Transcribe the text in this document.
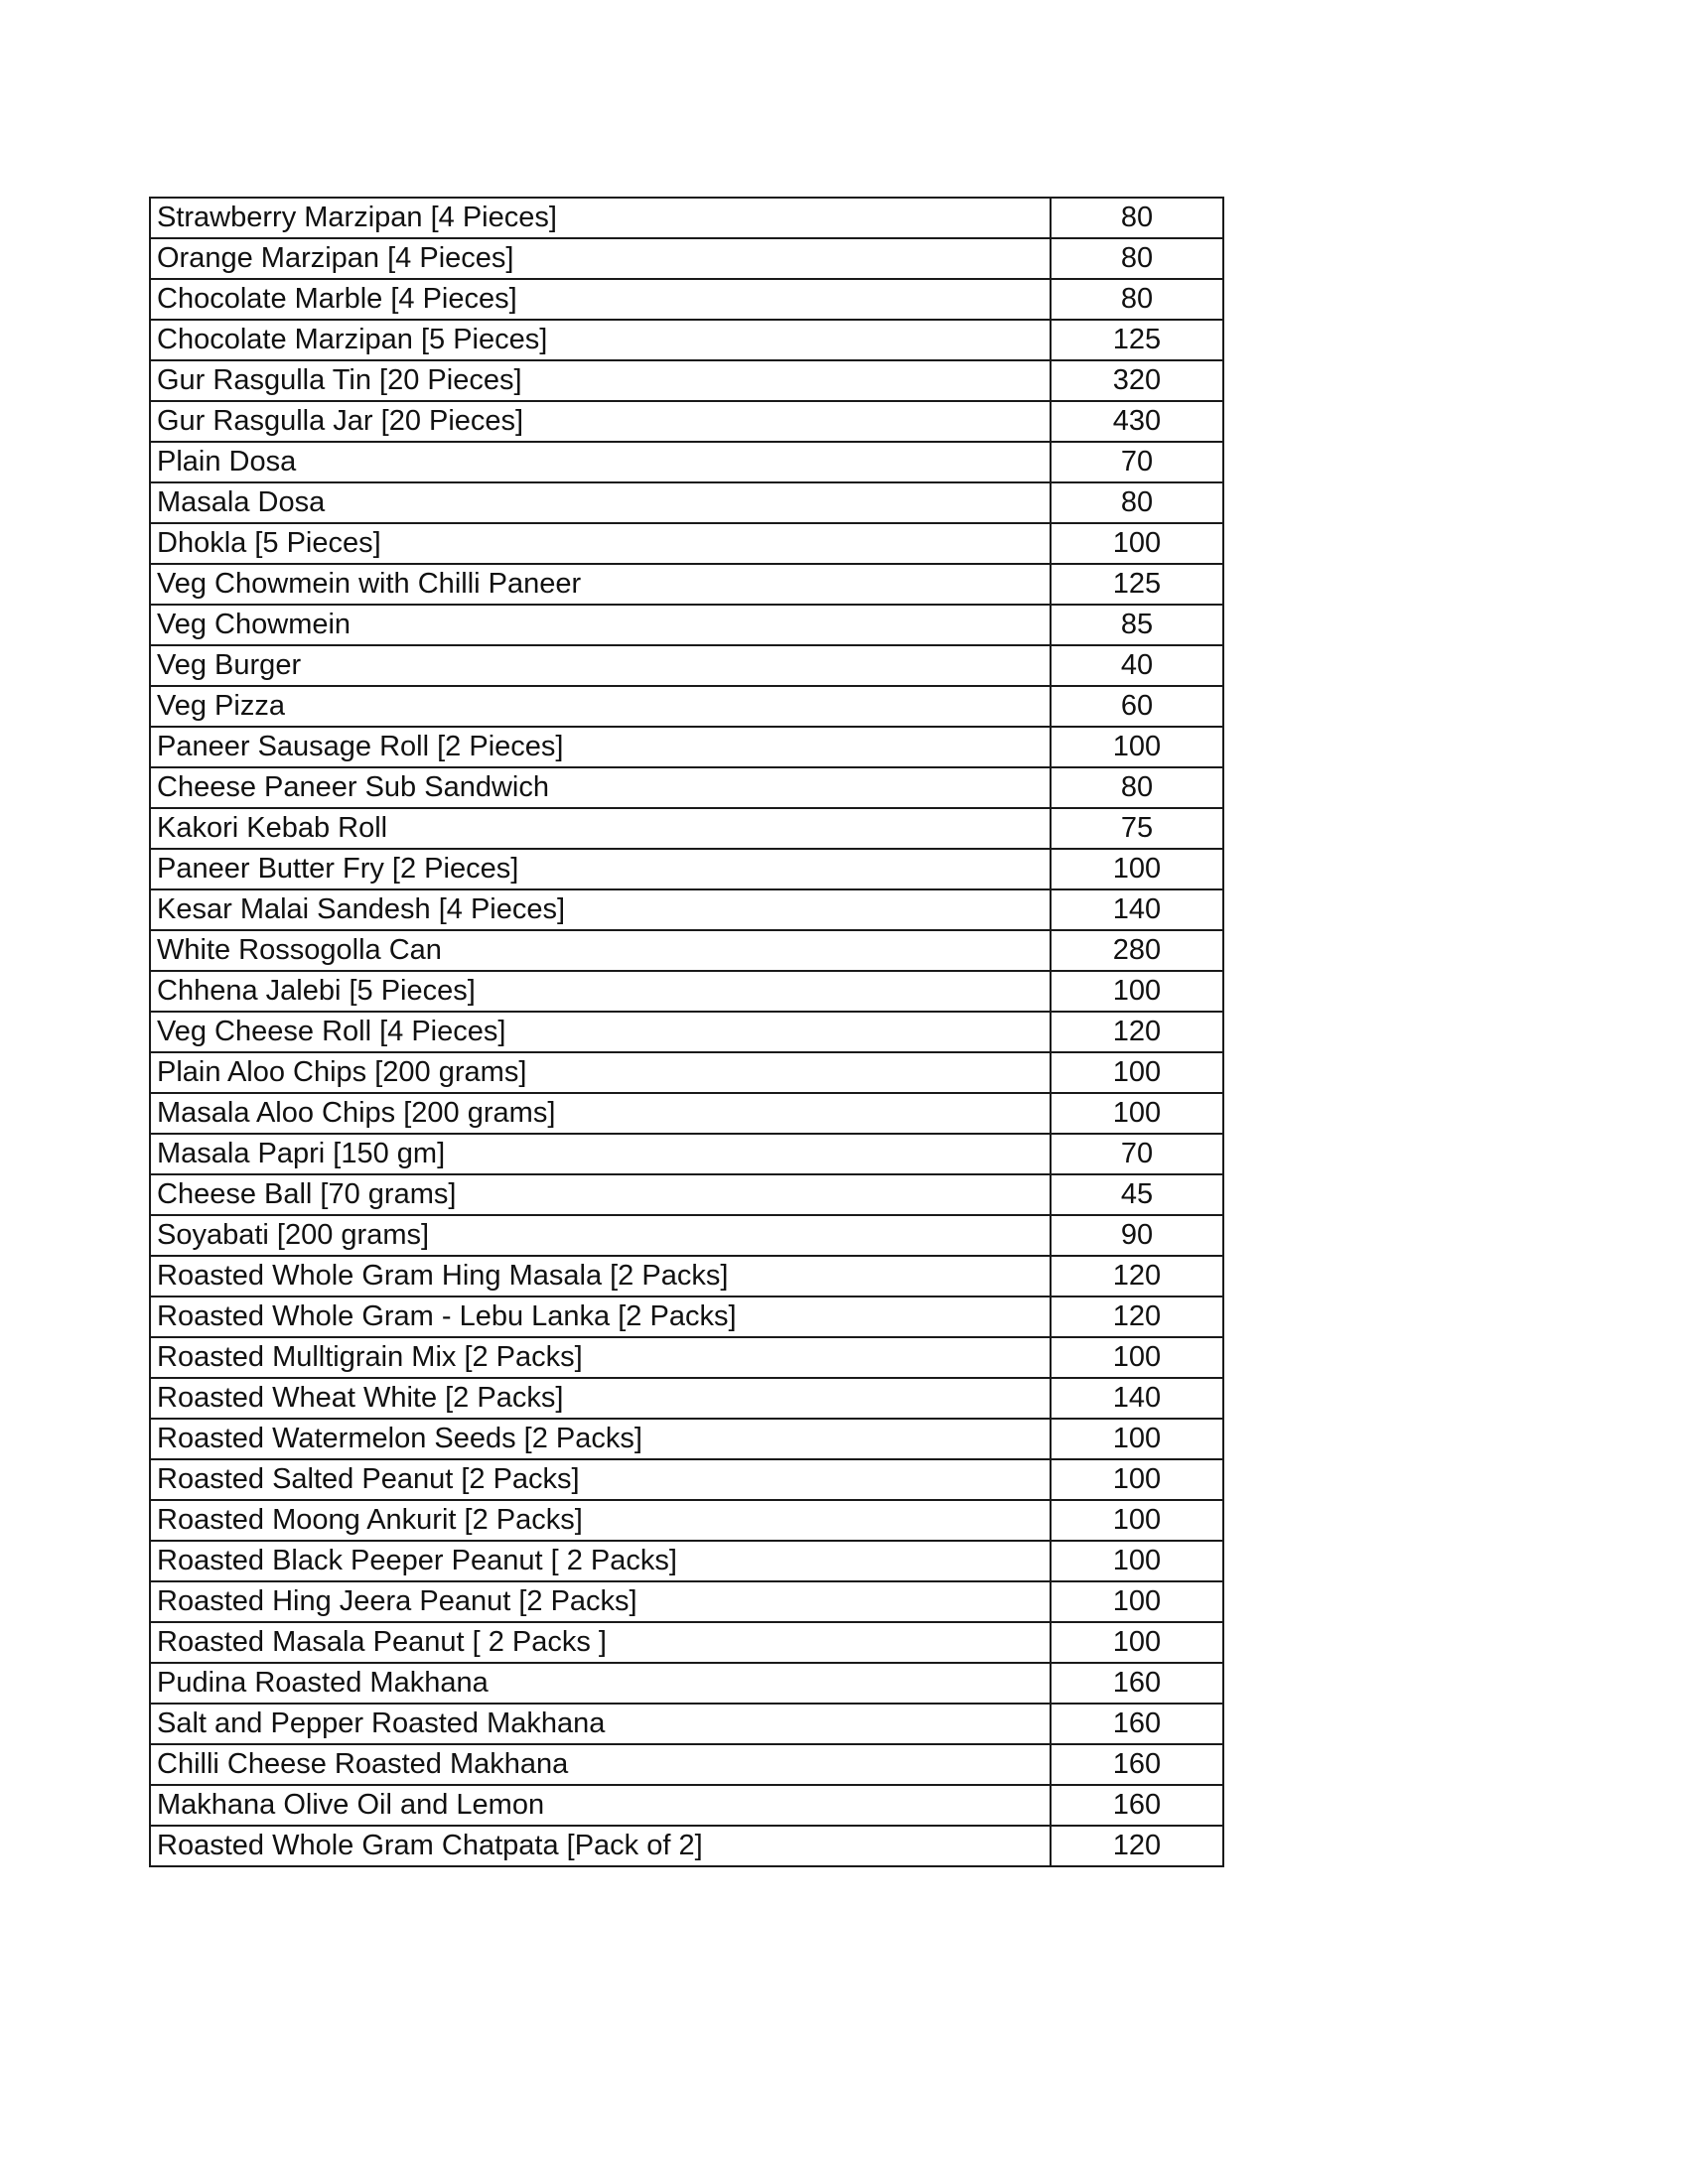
Strawberry Marzipan [4 Pieces]	80
Orange Marzipan [4 Pieces]	80
Chocolate Marble [4 Pieces]	80
Chocolate Marzipan [5 Pieces]	125
Gur Rasgulla Tin [20 Pieces]	320
Gur Rasgulla Jar [20 Pieces]	430
Plain Dosa	70
Masala Dosa	80
Dhokla [5 Pieces]	100
Veg Chowmein with Chilli Paneer	125
Veg Chowmein	85
Veg Burger	40
Veg Pizza	60
Paneer Sausage Roll [2 Pieces]	100
Cheese Paneer Sub Sandwich	80
Kakori Kebab Roll	75
Paneer Butter Fry [2 Pieces]	100
Kesar Malai Sandesh [4 Pieces]	140
White Rossogolla Can	280
Chhena Jalebi [5 Pieces]	100
Veg Cheese Roll [4 Pieces]	120
Plain Aloo Chips [200 grams]	100
Masala Aloo Chips [200 grams]	100
Masala Papri [150 gm]	70
Cheese Ball [70 grams]	45
Soyabati [200 grams]	90
Roasted Whole Gram Hing Masala [2 Packs]	120
Roasted Whole Gram - Lebu Lanka [2 Packs]	120
Roasted Mulltigrain Mix [2 Packs]	100
Roasted Wheat White [2 Packs]	140
Roasted Watermelon Seeds [2 Packs]	100
Roasted Salted Peanut [2 Packs]	100
Roasted Moong Ankurit [2 Packs]	100
Roasted Black Peeper Peanut [ 2 Packs]	100
Roasted Hing Jeera Peanut [2 Packs]	100
Roasted Masala Peanut [ 2 Packs ]	100
Pudina Roasted Makhana	160
Salt and Pepper Roasted Makhana	160
Chilli Cheese Roasted Makhana	160
Makhana Olive Oil and Lemon	160
Roasted Whole Gram Chatpata [Pack of 2]	120
